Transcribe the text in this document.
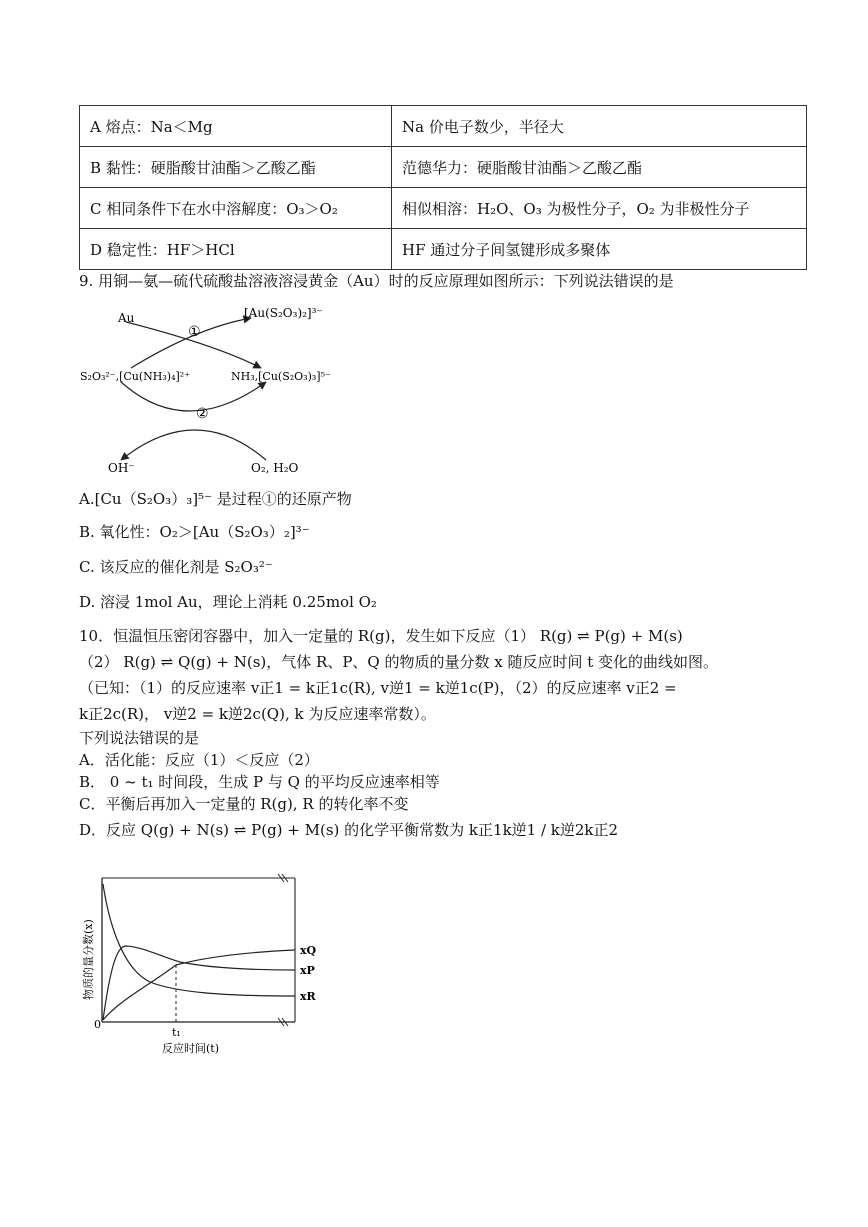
A 熔点：Na＜Mg	Na 价电子数少，半径大
B 黏性：硬脂酸甘油酯＞乙酸乙酯	范德华力：硬脂酸甘油酯＞乙酸乙酯
C 相同条件下在水中溶解度：O₃＞O₂	相似相溶：H₂O、O₃ 为极性分子，O₂ 为非极性分子
D 稳定性：HF＞HCl	HF 通过分子间氢键形成多聚体
9. 用铜—氨—硫代硫酸盐溶液溶浸黄金（Au）时的反应原理如图所示：下列说法错误的是
Au	[Au(S₂O₃)₂]³⁻
①
S₂O₃²⁻,[Cu(NH₃)₄]²⁺	NH₃,[Cu(S₂O₃)₃]⁵⁻
②
OH⁻	O₂, H₂O
A.[Cu（S₂O₃）₃]⁵⁻ 是过程①的还原产物
B. 氧化性：O₂＞[Au（S₂O₃）₂]³⁻
C. 该反应的催化剂是 S₂O₃²⁻
D. 溶浸 1mol Au，理论上消耗 0.25mol O₂
10．恒温恒压密闭容器中，加入一定量的 R(g)，发生如下反应（1） R(g) ⇌ P(g) + M(s)
（2） R(g) ⇌ Q(g) + N(s)，气体 R、P、Q 的物质的量分数 x 随反应时间 t 变化的曲线如图。
（已知：（1）的反应速率 v正1 = k正1c(R), v逆1 = k逆1c(P)，（2）的反应速率 v正2 =
k正2c(R)， v逆2 = k逆2c(Q), k 为反应速率常数）。
下列说法错误的是
A．活化能：反应（1）＜反应（2）
B． 0 ~ t₁ 时间段，生成 P 与 Q 的平均反应速率相等
C．平衡后再加入一定量的 R(g), R 的转化率不变
D．反应 Q(g) + N(s) ⇌ P(g) + M(s) 的化学平衡常数为 k正1k逆1 / k逆2k正2
0
t₁
反应时间(t)
xQ
xP
xR
物质的量分数(x)
